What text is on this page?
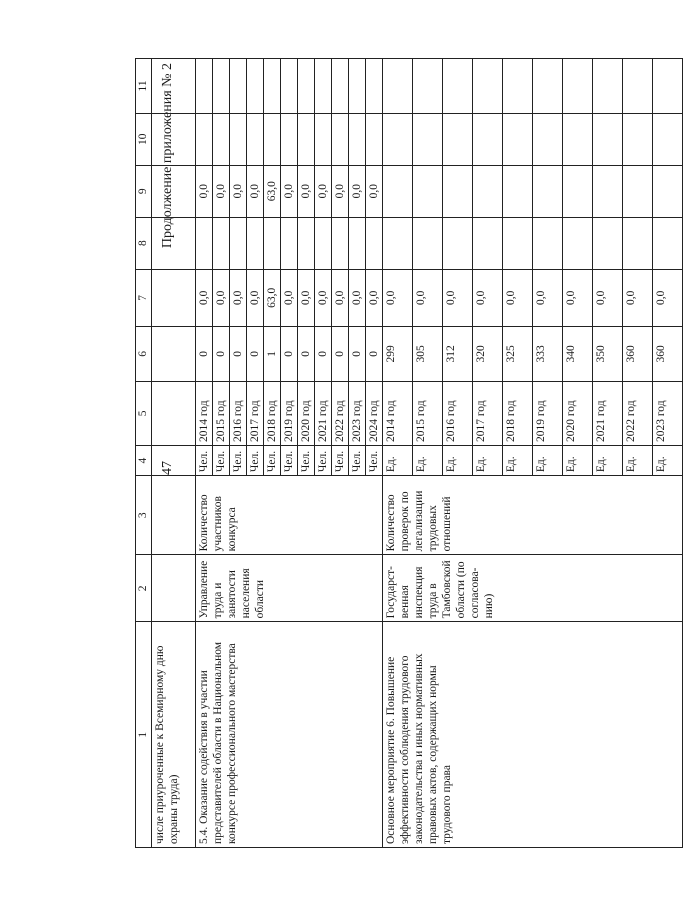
47
Продолжение приложения № 2
1	2	3	4	5	6	7	8	9	10	11
числе приуроченные к Всемирному дню охраны труда)										
5.4. Оказание содействия в участии представителей области в Национальном конкурсе профессионального мастерства	Управление труда и занятости населения области	Количество участников конкурса	Чел.	2014 год	0	0,0		0,0		
			Чел.	2015 год	0	0,0		0,0		
			Чел.	2016 год	0	0,0		0,0		
			Чел.	2017 год	0	0,0		0,0		
			Чел.	2018 год	1	63,0		63,0		
			Чел.	2019 год	0	0,0		0,0		
			Чел.	2020 год	0	0,0		0,0		
			Чел.	2021 год	0	0,0		0,0		
			Чел.	2022 год	0	0,0		0,0		
			Чел.	2023 год	0	0,0		0,0		
			Чел.	2024 год	0	0,0		0,0		
Основное мероприятие 6. Повышение эффективности соблюдения трудового законодательства и иных нормативных правовых актов, содержащих нормы трудового права	Государст-венная инспекция труда в Тамбовской области (по согласова-нию)	Количество проверок по легализации трудовых отношений	Ед.	2014 год	299	0,0				
			Ед.	2015 год	305	0,0				
			Ед.	2016 год	312	0,0				
			Ед.	2017 год	320	0,0				
			Ед.	2018 год	325	0,0				
			Ед.	2019 год	333	0,0				
			Ед.	2020 год	340	0,0				
			Ед.	2021 год	350	0,0				
			Ед.	2022 год	360	0,0				
			Ед.	2023 год	360	0,0				
